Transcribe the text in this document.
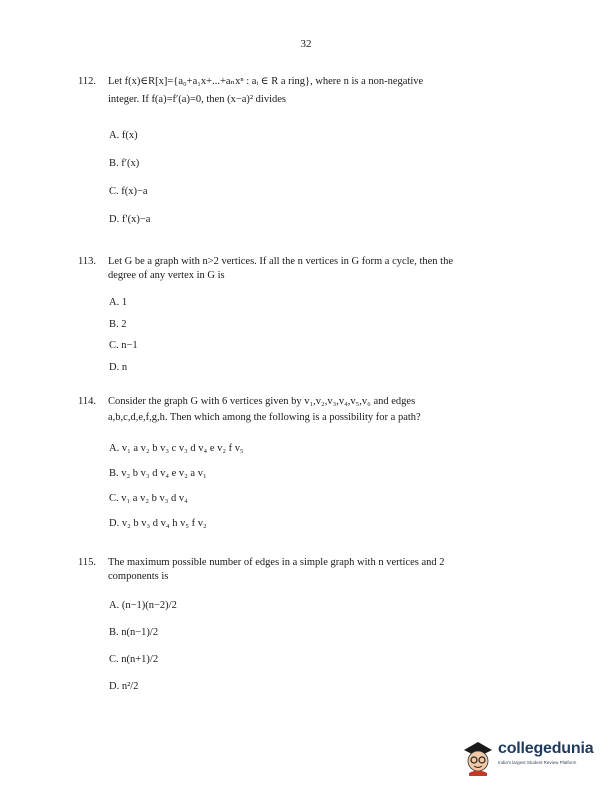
32
112. Let f(x)∈R[x]={a₀+a₁x+...+aₙxⁿ : aᵢ ∈ R a ring}, where n is a non-negative
integer. If f(a)=f′(a)=0, then (x−a)² divides
A. f(x)
B. f′(x)
C. f(x)−a
D. f′(x)−a
113. Let G be a graph with n>2 vertices. If all the n vertices in G form a cycle, then the
degree of any vertex in G is
A. 1
B. 2
C. n−1
D. n
114. Consider the graph G with 6 vertices given by v₁,v₂,v₃,v₄,v₅,v₆ and edges
a,b,c,d,e,f,g,h. Then which among the following is a possibility for a path?
A. v₁ a v₂ b v₃ c v₃ d v₄ e v₂ f v₅
B. v₂ b v₃ d v₄ e v₂ a v₁
C. v₁ a v₂ b v₃ d v₄
D. v₂ b v₃ d v₄ h v₅ f v₂
115. The maximum possible number of edges in a simple graph with n vertices and 2
components is
A. (n−1)(n−2)/2
B. n(n−1)/2
C. n(n+1)/2
D. n²/2
collegedunia
India's largest Student Review Platform
